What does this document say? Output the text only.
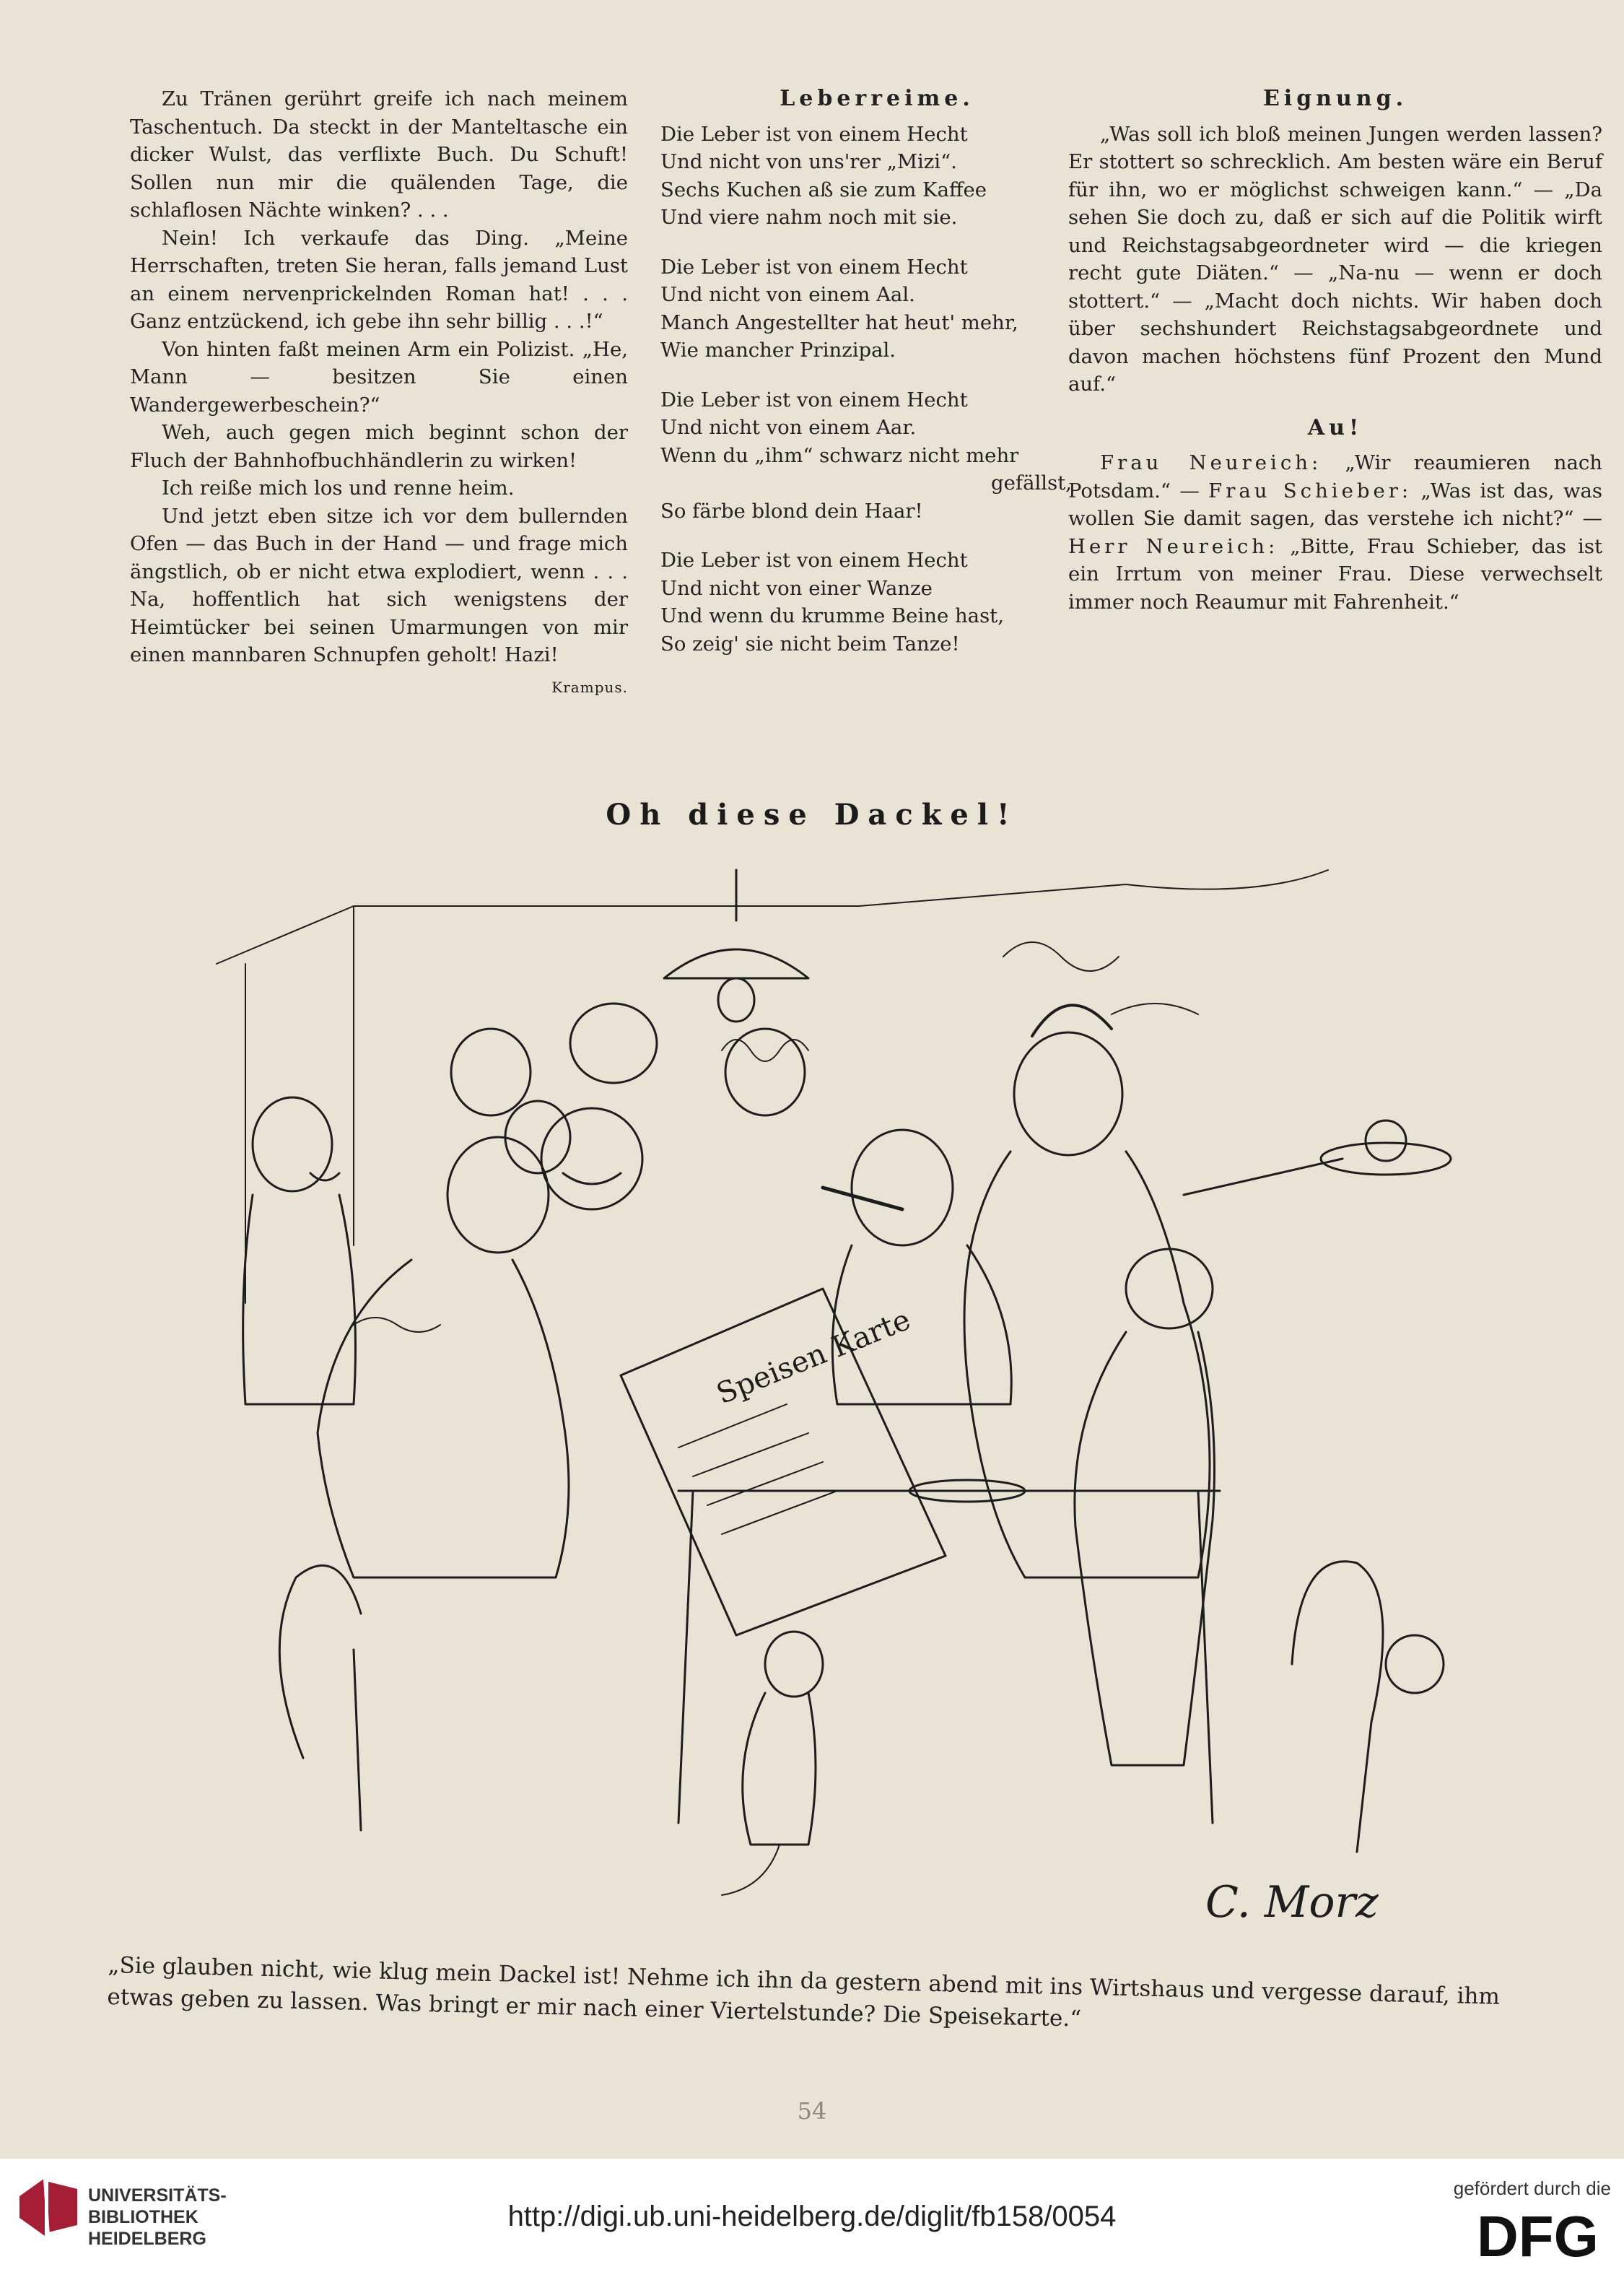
Zu Tränen gerührt greife ich nach meinem Taschentuch. Da steckt in der Manteltasche ein dicker Wulst, das verflixte Buch. Du Schuft! Sollen nun mir die quälenden Tage, die schlaflosen Nächte winken? . . .

Nein! Ich verkaufe das Ding. „Meine Herrschaften, treten Sie heran, falls jemand Lust an einem nervenprickelnden Roman hat! . . . Ganz entzückend, ich gebe ihn sehr billig . . .!“

Von hinten faßt meinen Arm ein Polizist. „He, Mann — besitzen Sie einen Wandergewerbeschein?“

Weh, auch gegen mich beginnt schon der Fluch der Bahnhofbuchhändlerin zu wirken!

Ich reiße mich los und renne heim.

Und jetzt eben sitze ich vor dem bullernden Ofen — das Buch in der Hand — und frage mich ängstlich, ob er nicht etwa explodiert, wenn . . . Na, hoffentlich hat sich wenigstens der Heimtücker bei seinen Umarmungen von mir einen mannbaren Schnupfen geholt! Hazi!
Krampus.

Leberreime.
Die Leber ist von einem Hecht
Und nicht von uns'rer „Mizi“.
Sechs Kuchen aß sie zum Kaffee
Und viere nahm noch mit sie.
Die Leber ist von einem Hecht
Und nicht von einem Aal.
Manch Angestellter hat heut' mehr,
Wie mancher Prinzipal.
Die Leber ist von einem Hecht
Und nicht von einem Aar.
Wenn du „ihm“ schwarz nicht mehr
gefällst,
So färbe blond dein Haar!
Die Leber ist von einem Hecht
Und nicht von einer Wanze
Und wenn du krumme Beine hast,
So zeig' sie nicht beim Tanze!
Eignung.

„Was soll ich bloß meinen Jungen werden lassen? Er stottert so schrecklich. Am besten wäre ein Beruf für ihn, wo er möglichst schweigen kann.“ — „Da sehen Sie doch zu, daß er sich auf die Politik wirft und Reichstagsabgeordneter wird — die kriegen recht gute Diäten.“ — „Na-nu — wenn er doch stottert.“ — „Macht doch nichts. Wir haben doch über sechshundert Reichstagsabgeordnete und davon machen höchstens fünf Prozent den Mund auf.“

Au!

Frau Neureich: „Wir reaumieren nach Potsdam.“ — Frau Schieber: „Was ist das, was wollen Sie damit sagen, das verstehe ich nicht?“ — Herr Neureich: „Bitte, Frau Schieber, das ist ein Irrtum von meiner Frau. Diese verwechselt immer noch Reaumur mit Fahrenheit.“

Oh diese Dackel!
Speisen Karte
C. Morz
„Sie glauben nicht, wie klug mein Dackel ist! Nehme ich ihn da gestern abend mit ins Wirtshaus und vergesse darauf, ihm etwas geben zu lassen. Was bringt er mir nach einer Viertelstunde? Die Speisekarte.“
54
UNIVERSITÄTS-
BIBLIOTHEK
HEIDELBERG
http://digi.ub.uni-heidelberg.de/diglit/fb158/0054
gefördert durch die
DFG
